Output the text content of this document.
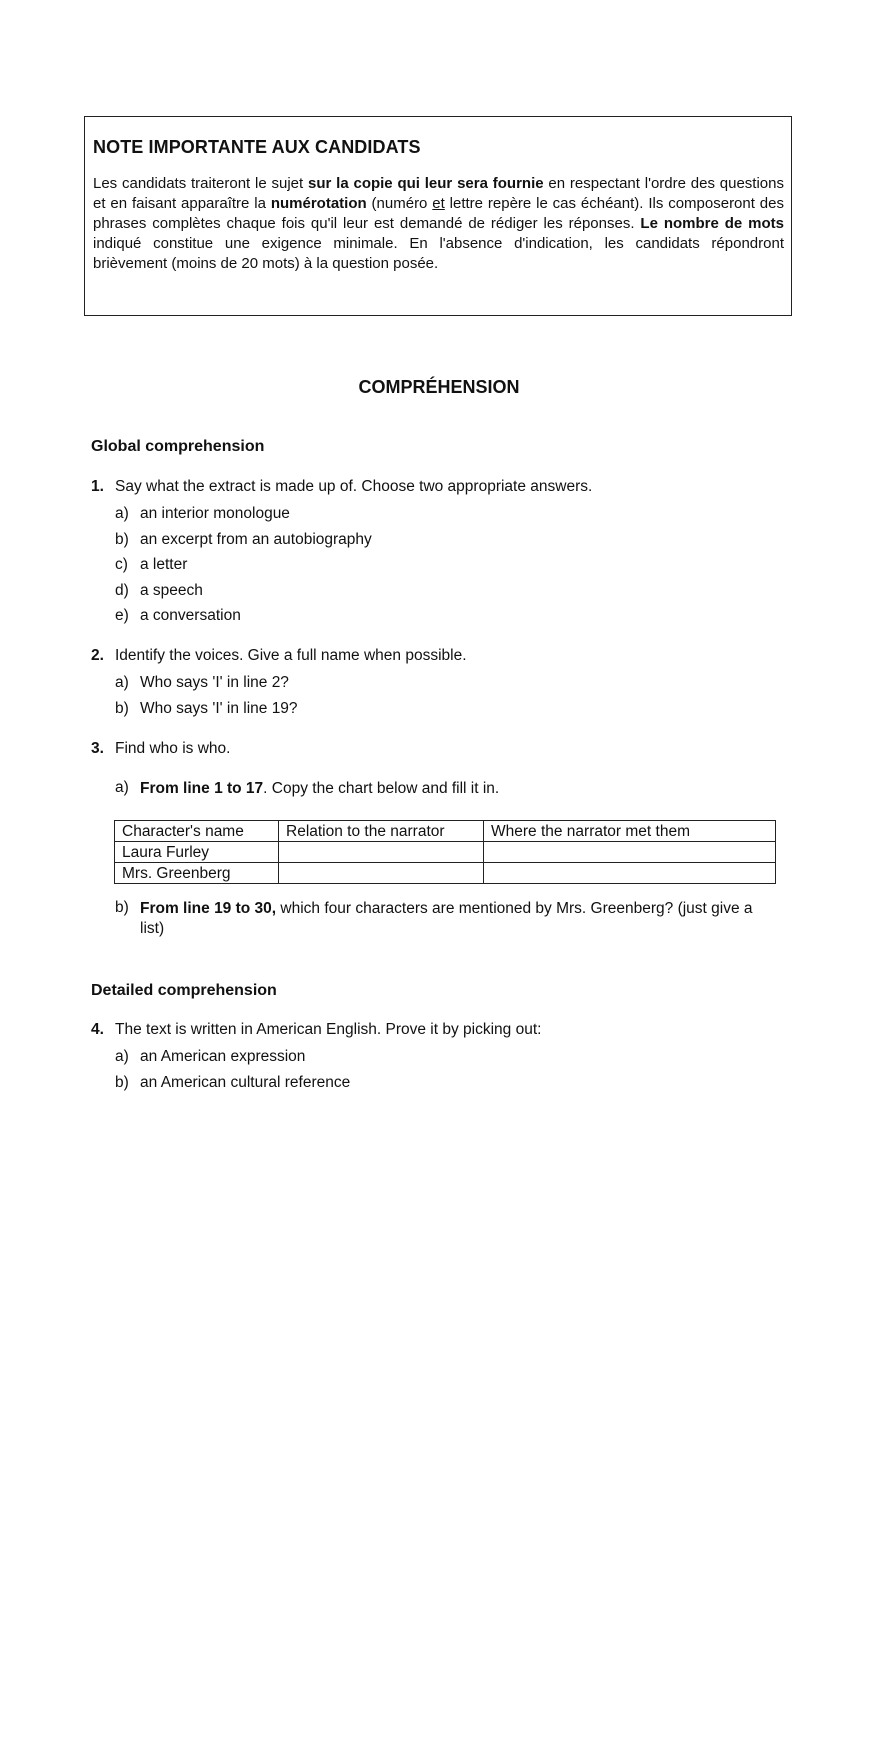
NOTE IMPORTANTE AUX CANDIDATS

Les candidats traiteront le sujet sur la copie qui leur sera fournie en respectant l'ordre des questions et en faisant apparaître la numérotation (numéro et lettre repère le cas échéant). Ils composeront des phrases complètes chaque fois qu'il leur est demandé de rédiger les réponses. Le nombre de mots indiqué constitue une exigence minimale. En l'absence d'indication, les candidats répondront brièvement (moins de 20 mots) à la question posée.

COMPRÉHENSION
Global comprehension
1. Say what the extract is made up of. Choose two appropriate answers.
a) an interior monologue
b) an excerpt from an autobiography
c) a letter
d) a speech
e) a conversation
2. Identify the voices. Give a full name when possible.
a) Who says 'I' in line 2?
b) Who says 'I' in line 19?
3. Find who is who.
a) From line 1 to 17. Copy the chart below and fill it in.
Character's name	Relation to the narrator	Where the narrator met them
Laura Furley		
Mrs. Greenberg		
b) From line 19 to 30, which four characters are mentioned by Mrs. Greenberg? (just give a list)
Detailed comprehension
4. The text is written in American English. Prove it by picking out:
a) an American expression
b) an American cultural reference
